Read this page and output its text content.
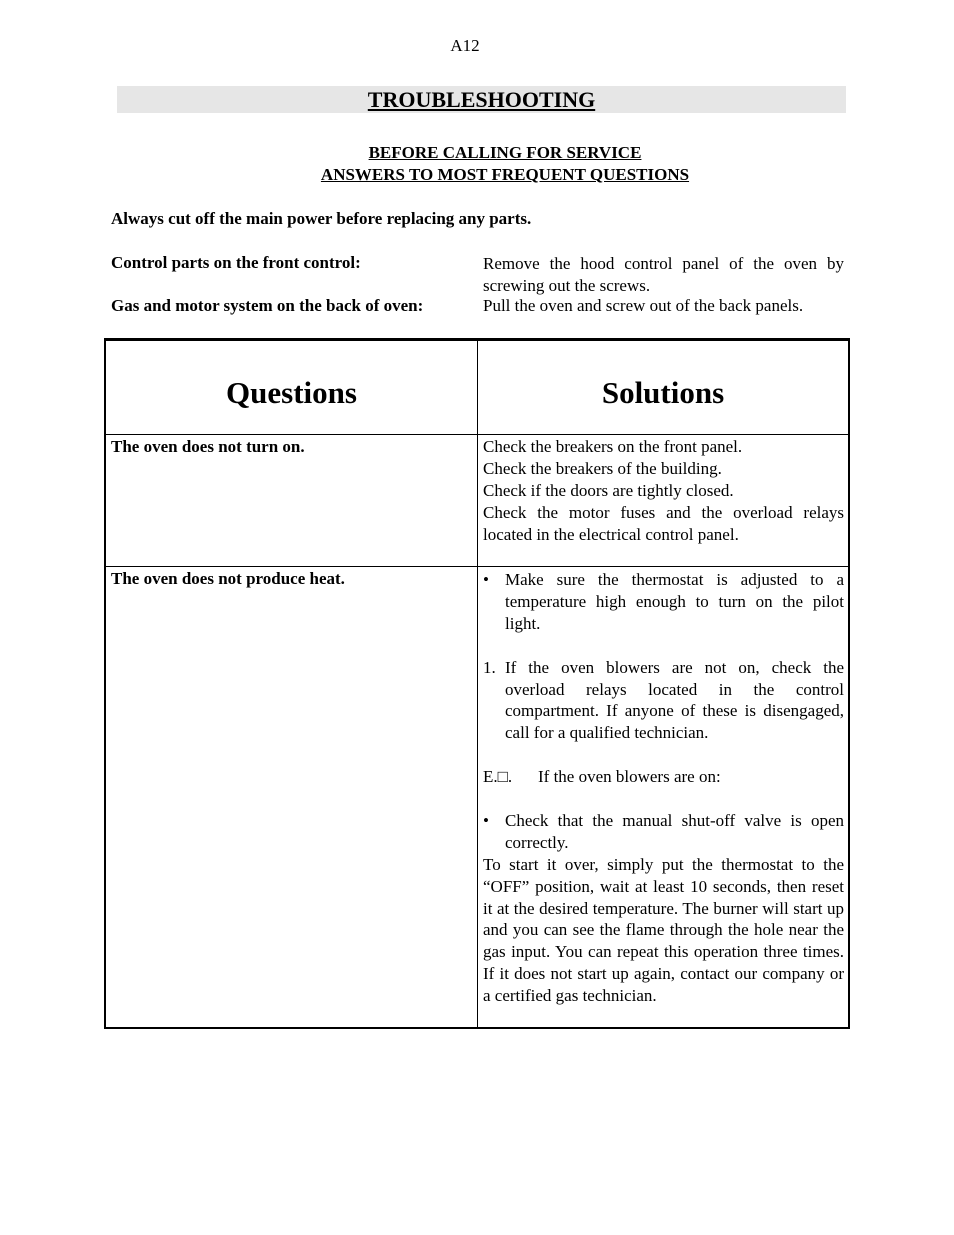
A12
TROUBLESHOOTING
BEFORE CALLING FOR SERVICE
ANSWERS TO MOST FREQUENT QUESTIONS
Always cut off the main power before replacing any parts.
Control parts on the front control:	Remove the hood control panel of the oven by screwing out the screws.
Gas and motor system on the back of oven:	Pull the oven and screw out of the back panels.
Questions	Solutions
The oven does not turn on.	Check the breakers on the front panel.
Check the breakers of the building.
Check if the doors are tightly closed.
Check the motor fuses and the overload relays located in the electrical control panel.
The oven does not produce heat.	• Make sure the thermostat is adjusted to a temperature high enough to turn on the pilot light.
1. If the oven blowers are not on, check the overload relays located in the control compartment. If anyone of these is disengaged, call for a qualified technician.
E.□.	If the oven blowers are on:
• Check that the manual shut-off valve is open correctly.
To start it over, simply put the thermostat to the “OFF” position, wait at least 10 seconds, then reset it at the desired temperature. The burner will start up and you can see the flame through the hole near the gas input. You can repeat this operation three times. If it does not start up again, contact our company or a certified gas technician.
